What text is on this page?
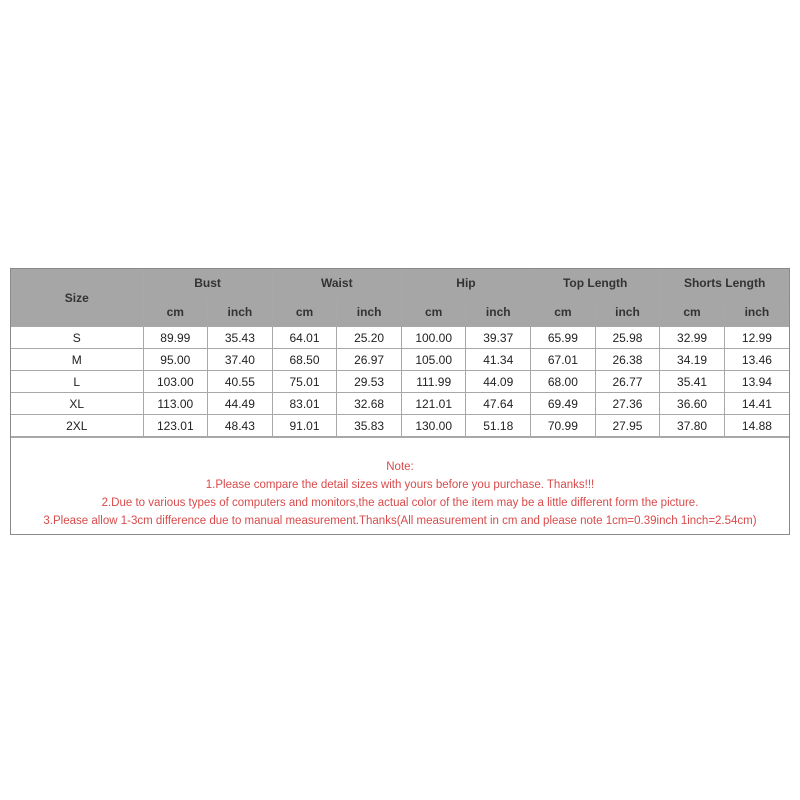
Size	Bust		Waist		Hip		Top Length		Shorts Length	
	cm	inch	cm	inch	cm	inch	cm	inch	cm	inch
S	89.99	35.43	64.01	25.20	100.00	39.37	65.99	25.98	32.99	12.99
M	95.00	37.40	68.50	26.97	105.00	41.34	67.01	26.38	34.19	13.46
L	103.00	40.55	75.01	29.53	111.99	44.09	68.00	26.77	35.41	13.94
XL	113.00	44.49	83.01	32.68	121.01	47.64	69.49	27.36	36.60	14.41
2XL	123.01	48.43	91.01	35.83	130.00	51.18	70.99	27.95	37.80	14.88
Note:
1.Please compare the detail sizes with yours before you purchase. Thanks!!!
2.Due to various types of computers and monitors,the actual color of the item may be a little different form the picture.
3.Please allow 1-3cm difference due to manual measurement.Thanks(All measurement in cm and please note 1cm=0.39inch 1inch=2.54cm)
